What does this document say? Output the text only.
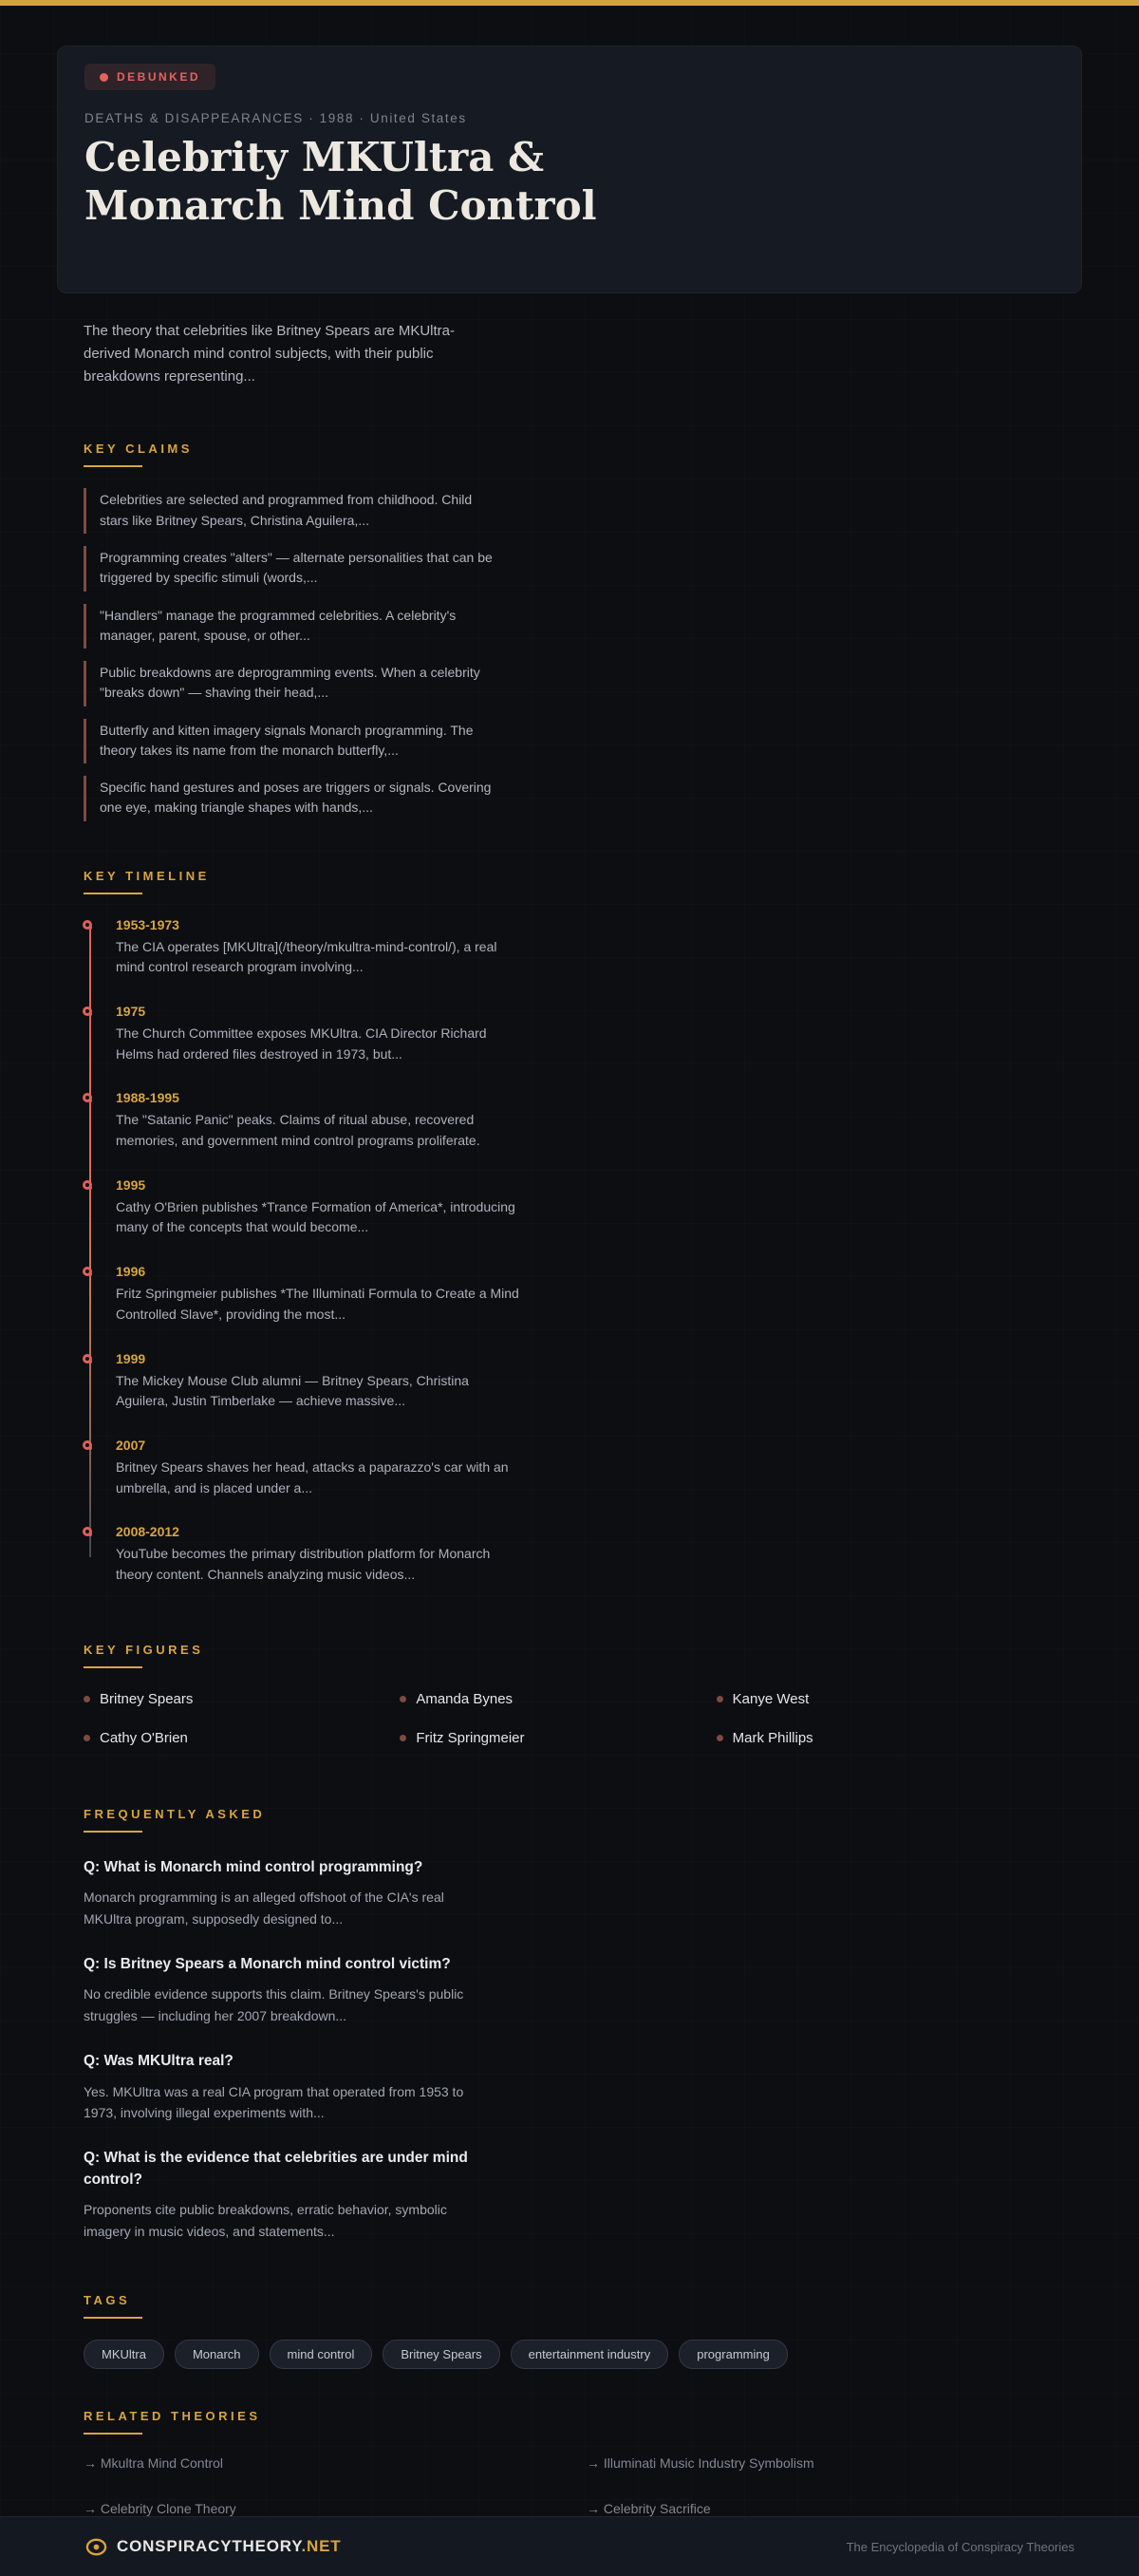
DEBUNKED
DEATHS & DISAPPEARANCES · 1988 · United States
Celebrity MKUltra & Monarch Mind Control

The theory that celebrities like Britney Spears are MKUltra-derived Monarch mind control subjects, with their public breakdowns representing...

KEY CLAIMS
Celebrities are selected and programmed from childhood. Child stars like Britney Spears, Christina Aguilera,...
Programming creates "alters" — alternate personalities that can be triggered by specific stimuli (words,...
"Handlers" manage the programmed celebrities. A celebrity's manager, parent, spouse, or other...
Public breakdowns are deprogramming events. When a celebrity "breaks down" — shaving their head,...
Butterfly and kitten imagery signals Monarch programming. The theory takes its name from the monarch butterfly,...
Specific hand gestures and poses are triggers or signals. Covering one eye, making triangle shapes with hands,...
KEY TIMELINE
1953-1973
The CIA operates [MKUltra](/theory/mkultra-mind-control/), a real mind control research program involving...
1975
The Church Committee exposes MKUltra. CIA Director Richard Helms had ordered files destroyed in 1973, but...
1988-1995
The "Satanic Panic" peaks. Claims of ritual abuse, recovered memories, and government mind control programs proliferate.
1995
Cathy O'Brien publishes *Trance Formation of America*, introducing many of the concepts that would become...
1996
Fritz Springmeier publishes *The Illuminati Formula to Create a Mind Controlled Slave*, providing the most...
1999
The Mickey Mouse Club alumni — Britney Spears, Christina Aguilera, Justin Timberlake — achieve massive...
2007
Britney Spears shaves her head, attacks a paparazzo's car with an umbrella, and is placed under a...
2008-2012
YouTube becomes the primary distribution platform for Monarch theory content. Channels analyzing music videos...
KEY FIGURES
Britney Spears	Amanda Bynes	Kanye West
Cathy O'Brien	Fritz Springmeier	Mark Phillips
FREQUENTLY ASKED
Q: What is Monarch mind control programming?
Monarch programming is an alleged offshoot of the CIA's real MKUltra program, supposedly designed to...
Q: Is Britney Spears a Monarch mind control victim?
No credible evidence supports this claim. Britney Spears's public struggles — including her 2007 breakdown...
Q: Was MKUltra real?
Yes. MKUltra was a real CIA program that operated from 1953 to 1973, involving illegal experiments with...
Q: What is the evidence that celebrities are under mind control?
Proponents cite public breakdowns, erratic behavior, symbolic imagery in music videos, and statements...
TAGS
MKUltra	Monarch	mind control	Britney Spears	entertainment industry	programming
RELATED THEORIES
→ Mkultra Mind Control	→ Illuminati Music Industry Symbolism
→ Celebrity Clone Theory	→ Celebrity Sacrifice
CONSPIRACYTHEORY.NET	The Encyclopedia of Conspiracy Theories
